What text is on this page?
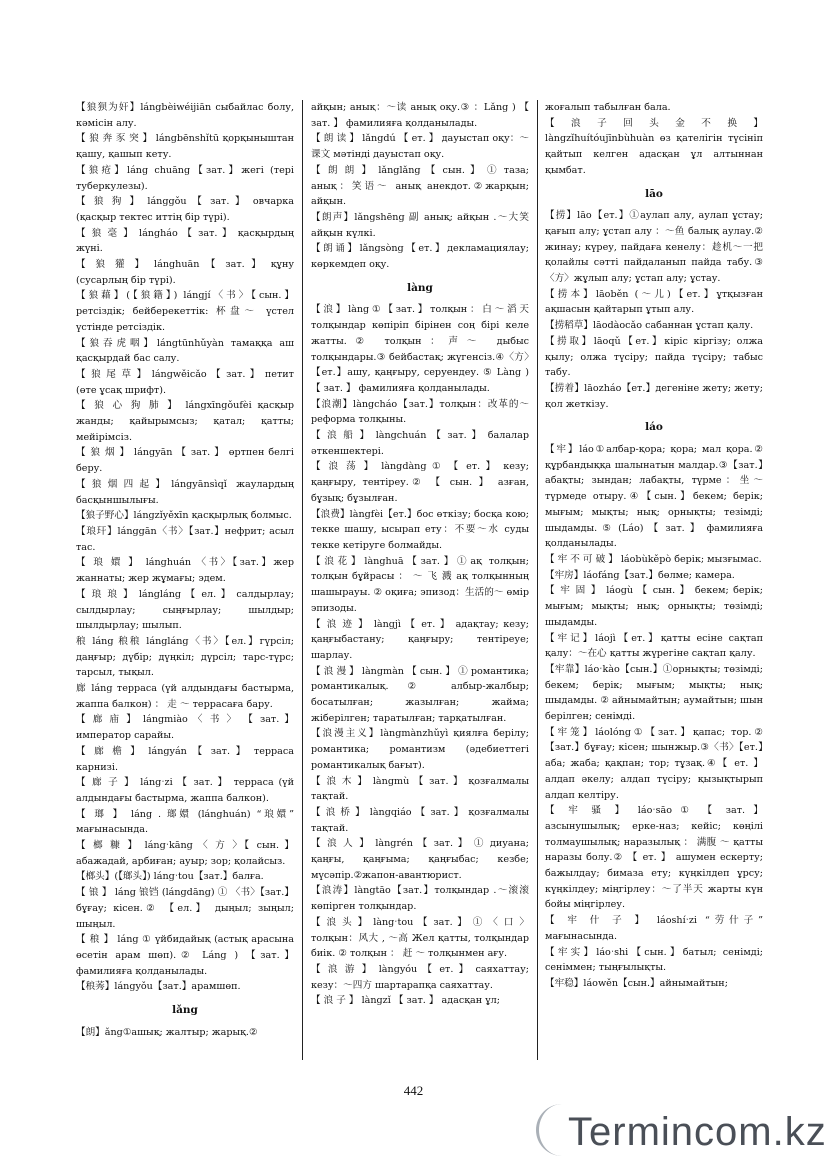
【狼狈为奸】lángbèiwéijiān сыбайлас болу, кәмісін алу.

【 狼 奔 豕 突 】 lángbēnshǐtū қорқыныштан қашу, қашып кету.

【狼疮】láng chuāng【зат.】жегі (тері туберкулезы).

【 狼 狗 】 lánggǒu 【 зат. 】 овчарка (қасқыр тектес иттің бір түрі).

【 狼 毫 】 lángháo 【 зат. 】 қасқырдың жүні.

【 狼 獾 】 lánghuān 【 зат. 】 құну (сусарлың бір түрі).

【狼藉】(【狼籍】) lángjí〈书〉【сын.】ретсіздік; бейберекеттік: 杯盘～ үстел үстінде ретсіздік.

【狼吞虎咽】lángtūnhǔyàn тамаққа аш қасқырдай бас салу.

【 狼 尾 草 】 lángwěicǎo 【 зат. 】 петит (өте ұсақ шрифт).

【 狼 心 狗 肺 】 lángxīngǒufèi қасқыр жанды; қайырымсыз; қатал; қатты; мейірімсіз.

【 狼 烟 】 lángyān 【 зат. 】 өртпен белгі беру.

【狼烟四起】lángyānsìqǐ жаулардың басқыншылығы.

【狼子野心】lángzǐyěxīn қасқырлық болмыс.

【琅玕】lánggān〈书〉【зат.】нефрит; асыл тас.

【 琅 嬛 】 lánghuán 〈书〉【зат.】жер жаннаты; жер жұмағы; эдем.

【 琅 琅 】 lángláng 【 ел. 】 салдырлау; сылдырлау; сыңғырлау; шылдыр; шылдырлау; шылып.

稂 láng 稂稂 lángláng〈书〉【ел.】гүрсіл; даңғыр; дүбір; дүңкіл; дүрсіл; тарс-түрс; тарсыл, тықыл.

廊 láng терраса (үй алдындағы бастырма, жаппа балкон) ： 走 ～ террасаға бару.

【 廊 庙 】 lángmiào 〈 书 〉 【 зат. 】 император сарайы.

【 廊 檐 】 lángyán 【 зат. 】 терраса карнизі.

【 廊 子 】 lángˑzi 【 зат. 】 терраса (үй алдындағы бастырма, жаппа балкон).

【 瑯 】 láng . 瑯嬛 (lánghuán) “琅嬛” мағынасында.

【 榔 糠 】 lángˑkāng 〈 方 〉【 сын. 】 абажадай, арбиған; ауыр; зор; қолайсыз.

【榔头】(【瑯头】) lángˑtou【зат.】балға.

【 锒 】 láng 锒铛 (lángdāng) ① 〈书〉【зат.】бұғау; кісен.② 【ел.】 дыңыл; зыңыл; шыңыл.

【 稂 】 láng ① үйбидайық (астық арасына өсетін арам шөп).② Láng ) 【зат.】фамилияға қолданылады.

【稂莠】lángyǒu【зат.】арамшөп.

lǎng

【朗】ǎng①ашық; жалтыр; жарық.②

айқын; анық：～读 анық оқу.③ ：Lǎng ) 【 зат. 】 фамилияға қолданылады.

【 朗 读 】 lǎngdú 【 ет. 】 дауыстап оқу：～课文 мәтінді дауыстап оқу.

【 朗 朗 】 lǎnglǎng 【 сын. 】 ① таза; анық：笑语～ анық анекдот.②жарқын; айқын.

【朗声】lǎngshēng 副 анық; айқын .～大笑 айқын күлкі.

【朗诵】lǎngsòng【ет.】декламациялау; көркемдеп оқу.

làng

【浪】làng①【зат.】толқын：白～滔天 толқындар көпіріп бірінен соң бірі келе жатты.② толқын：声～ дыбыс толқындары.③ бейбастақ; жүгенсіз.④〈方〉【ет.】ашу, қаңғыру, серуендеу. ⑤ Làng ) 【 зат. 】 фамилияға қолданылады.

【浪潮】làngcháo【зат.】толқын：改革的～ реформа толқыны.

【 浪 船 】 làngchuán 【 зат. 】 балалар әткеншектері.

【 浪 荡 】 làngdàng ① 【 ет. 】 кезу; қаңғыру, тентіреу.② 【 сын. 】 азған, бұзық; бұзылған.

【浪费】làngfèi【ет.】бос өткізу; босқа кою; текке шашу, ысырап ету：不要～水 суды текке кетіруге болмайды.

【浪花】lànghuā【зат.】①ақ толқын; толқын бұйрасы ： ～ 飞 溅 ақ толқынның шашырауы. ② оқиға; эпизод：生活的～ өмір эпизоды.

【 浪 迹 】 làngjì 【 ет. 】 адақтау; кезу; қаңғыбастану; қаңғыру; тентіреуе; шарлау.

【浪漫】làngmàn【сын.】①романтика; романтикалық. ② албыр-жалбыр; босатылған; жазылған; жайма; жіберілген; таратылған; тарқатылған.

【浪漫主义】làngmànzhǔyì қиялға берілу; романтика; романтизм (әдебиеттегі романтикалық бағыт).

【 浪 木 】 làngmù 【 зат. 】 қозғалмалы тақтай.

【 浪 桥 】 làngqiáo 【 зат. 】 қозғалмалы тақтай.

【 浪 人 】 làngrén 【 зат. 】 ① диуана; қаңғы, қаңғыма; қаңғыбас; кезбе; мүсәпір.②жапон-авантюрист.

【浪涛】làngtāo【зат.】толқындар .～滚滚 көпірген толқындар.

【 浪 头 】 làngˑtou 【 зат. 】 ① 〈 口 〉 толқын：风大 , ～高 Жел қатты, толқындар биік. ② толқын ： 赶 ～ толқынмен ағу.

【 浪 游 】 làngyóu 【 ет. 】 саяхаттау; кезу：～四方 шартарапқа саяхаттау.

【 浪 子 】 làngzǐ 【 зат. 】 адасқан ұл;

жоғалып табылған бала.

【 浪 子 回 头 金 不 换 】 làngzǐhuítóujīnbùhuàn өз қателігін түсініп қайтып келген адасқан ұл алтыннан қымбат.

lāo

【捞】lāo【ет.】①аулап алу, аулап ұстау; қағып алу; ұстап алу ：～鱼 балық аулау.② жинау; күреу, пайдаға кенелу：趁机～一把 қолайлы сәтті пайдаланып пайда табу.③〈方〉жұлып алу; ұстап алу; ұстау.

【捞本】lāoběn (～儿)【ет.】ұтқызған ақшасын қайтарып ұтып алу.

【捞稻草】lāodàocǎo сабаннан ұстап қалу.

【捞取】lāoqǔ【ет.】кіріс кіргізу; олжа қылу; олжа түсіру; пайда түсіру; табыс табу.

【捞着】lāozháo【ет.】дегеніне жету; жету; қол жеткізу.

láo

【牢】láo①албар-қора; қора; мал қора.② құрбандыққа шалынатын малдар.③【зат.】абақты; зындан; лабақты, түрме：坐～ түрмеде отыру.④【сын.】бекем; берік; мығым; мықты; нық; орнықты; тезімді; шыдамды. ⑤ (Láo) 【 зат. 】 фамилияға қолданылады.

【 牢 不 可 破 】 láobùkěpò берік; мызғымас.

【牢房】láofáng【зат.】бөлме; камера.

【 牢 固 】 láogù 【 сын. 】 бекем; берік; мығым; мықты; нық; орнықты; төзімді; шыдамды.

【牢记】láojì【ет.】қатты есіне сақтап қалу：～在心 қатты жүрегіне сақтап қалу.

【牢靠】láoˑkào【сын.】①орнықты; төзімді; бекем; берік; мығым; мықты; нық; шыдамды. ② айнымайтын; аумайтын; шын берілген; сенімді.

【牢笼】láolóng①【зат.】қапас; тор.②【зат.】бұғау; кісен; шынжыр.③〈书〉【ет.】аба; жаба; қақпан; тор; тұзақ.④【 ет. 】 алдап әкелу; алдап түсіру; қызықтырып алдап келтіру.

【 牢 骚 】 láoˑsāo ① 【 зат. 】 азсынушылық; ерке-наз; кейіс; көңілі толмаушылық; наразылық ： 满腹 ～ қатты наразы болу.② 【 ет. 】 ашумен ескерту; бажылдау; бимаза ету; күңкілдеп ұрсу; күңкілдеу; міңгірлеу：～了半天 жарты күн бойы міңгірлеу.

【 牢 什 子 】 láoshíˑzi “劳什子” мағынасында.

【牢实】láoˑshi【сын.】батыл; сенімді; сеніммен; тыңғылықты.

【牢稳】láowěn【сын.】айнымайтын;

442
Termincom.kz
